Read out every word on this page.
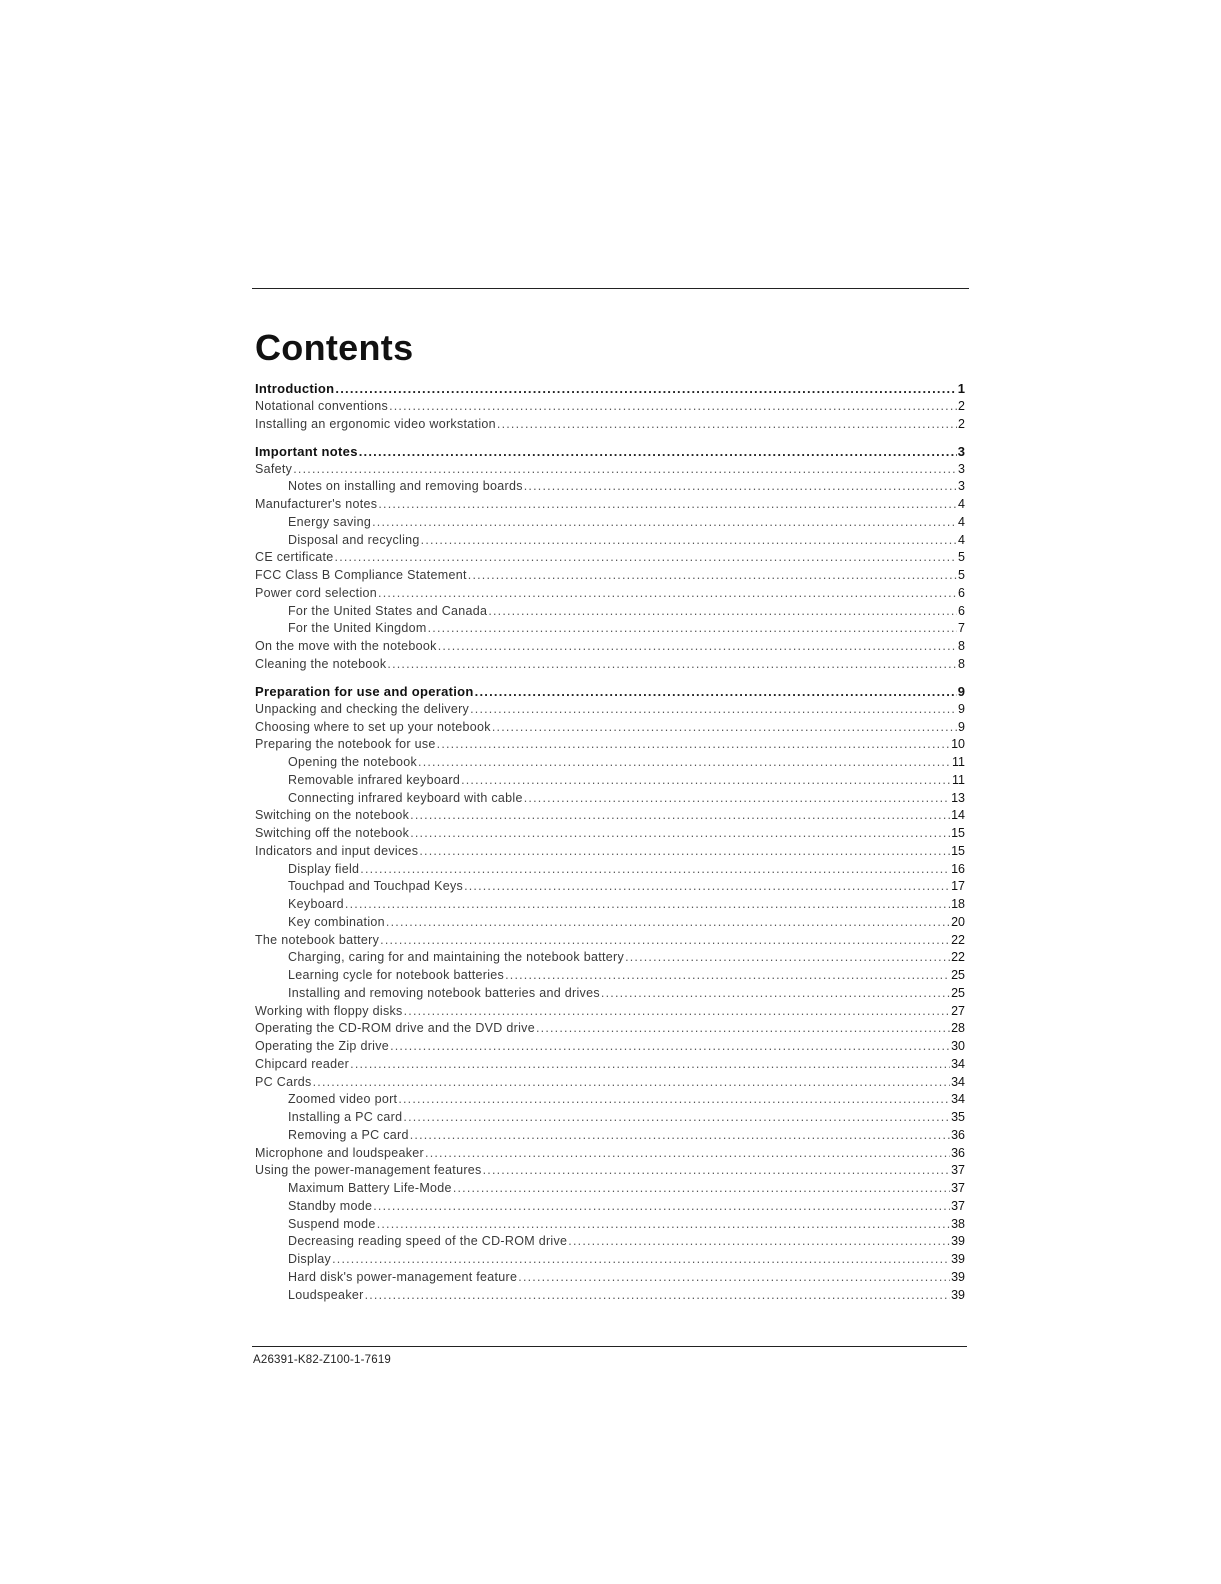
Contents
Introduction .....	1
Notational conventions .....	2
Installing an ergonomic video workstation .....	2
Important notes .....	3
Safety .....	3
Notes on installing and removing boards .....	3
Manufacturer's notes .....	4
Energy saving .....	4
Disposal and recycling .....	4
CE certificate .....	5
FCC Class B Compliance Statement .....	5
Power cord selection .....	6
For the United States and Canada .....	6
For the United Kingdom .....	7
On the move with the notebook .....	8
Cleaning the notebook .....	8
Preparation for use and operation .....	9
Unpacking and checking the delivery .....	9
Choosing where to set up your notebook .....	9
Preparing the notebook for use .....	10
Opening the notebook .....	11
Removable infrared keyboard .....	11
Connecting infrared keyboard with cable .....	13
Switching on the notebook .....	14
Switching off the notebook .....	15
Indicators and input devices .....	15
Display field .....	16
Touchpad and Touchpad Keys .....	17
Keyboard .....	18
Key combination .....	20
The notebook battery .....	22
Charging, caring for and maintaining the notebook battery .....	22
Learning cycle for notebook batteries .....	25
Installing and removing notebook batteries and drives .....	25
Working with floppy disks .....	27
Operating the CD-ROM drive and the DVD drive .....	28
Operating the Zip drive .....	30
Chipcard reader .....	34
PC Cards .....	34
Zoomed video port .....	34
Installing a PC card .....	35
Removing a PC card .....	36
Microphone and loudspeaker .....	36
Using the power-management features .....	37
Maximum Battery Life-Mode .....	37
Standby mode .....	37
Suspend mode .....	38
Decreasing reading speed of the CD-ROM drive .....	39
Display .....	39
Hard disk's power-management feature .....	39
Loudspeaker .....	39
A26391-K82-Z100-1-7619
